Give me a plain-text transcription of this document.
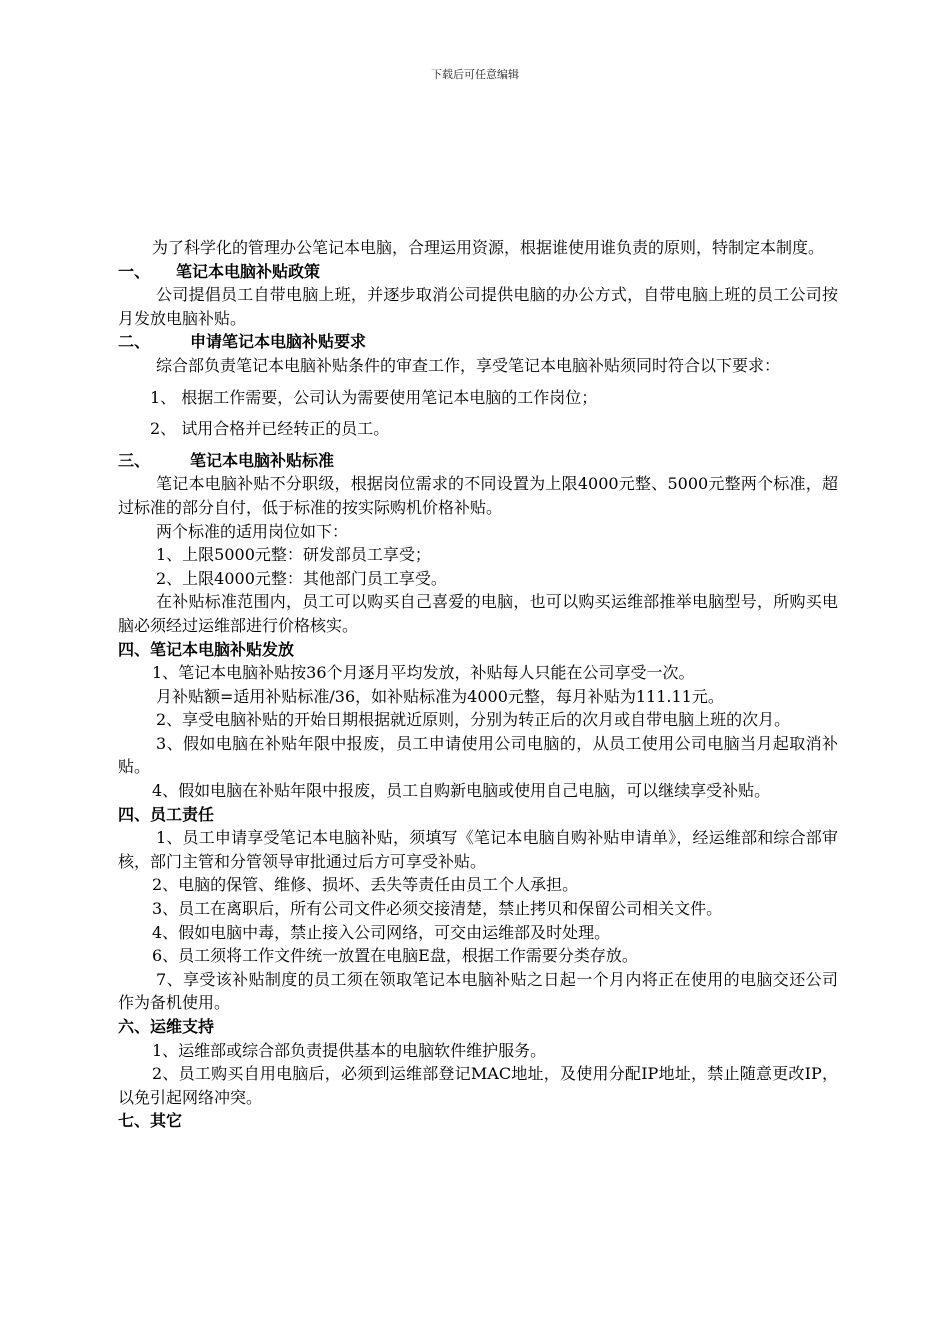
下载后可任意编辑

为了科学化的管理办公笔记本电脑，合理运用资源，根据谁使用谁负责的原则，特制定本制度。

一、 笔记本电脑补贴政策

公司提倡员工自带电脑上班，并逐步取消公司提供电脑的办公方式，自带电脑上班的员工公司按月发放电脑补贴。

二、 申请笔记本电脑补贴要求

综合部负责笔记本电脑补贴条件的审查工作，享受笔记本电脑补贴须同时符合以下要求：

1、 根据工作需要，公司认为需要使用笔记本电脑的工作岗位；

2、 试用合格并已经转正的员工。

三、 笔记本电脑补贴标准

笔记本电脑补贴不分职级，根据岗位需求的不同设置为上限4000元整、5000元整两个标准，超过标准的部分自付，低于标准的按实际购机价格补贴。

两个标准的适用岗位如下：

1、上限5000元整：研发部员工享受；

2、上限4000元整：其他部门员工享受。

在补贴标准范围内，员工可以购买自己喜爱的电脑，也可以购买运维部推举电脑型号，所购买电脑必须经过运维部进行价格核实。

四、笔记本电脑补贴发放

1、笔记本电脑补贴按36个月逐月平均发放，补贴每人只能在公司享受一次。

月补贴额=适用补贴标准/36，如补贴标准为4000元整，每月补贴为111.11元。

2、享受电脑补贴的开始日期根据就近原则，分别为转正后的次月或自带电脑上班的次月。

3、假如电脑在补贴年限中报废，员工申请使用公司电脑的，从员工使用公司电脑当月起取消补贴。

4、假如电脑在补贴年限中报废，员工自购新电脑或使用自己电脑，可以继续享受补贴。

四、员工责任

1、员工申请享受笔记本电脑补贴，须填写《笔记本电脑自购补贴申请单》，经运维部和综合部审核，部门主管和分管领导审批通过后方可享受补贴。

2、电脑的保管、维修、损坏、丢失等责任由员工个人承担。

3、员工在离职后，所有公司文件必须交接清楚，禁止拷贝和保留公司相关文件。

4、假如电脑中毒，禁止接入公司网络，可交由运维部及时处理。

6、员工须将工作文件统一放置在电脑E盘，根据工作需要分类存放。

7、享受该补贴制度的员工须在领取笔记本电脑补贴之日起一个月内将正在使用的电脑交还公司作为备机使用。

六、运维支持

1、运维部或综合部负责提供基本的电脑软件维护服务。

2、员工购买自用电脑后，必须到运维部登记MAC地址，及使用分配IP地址，禁止随意更改IP，以免引起网络冲突。

七、其它
